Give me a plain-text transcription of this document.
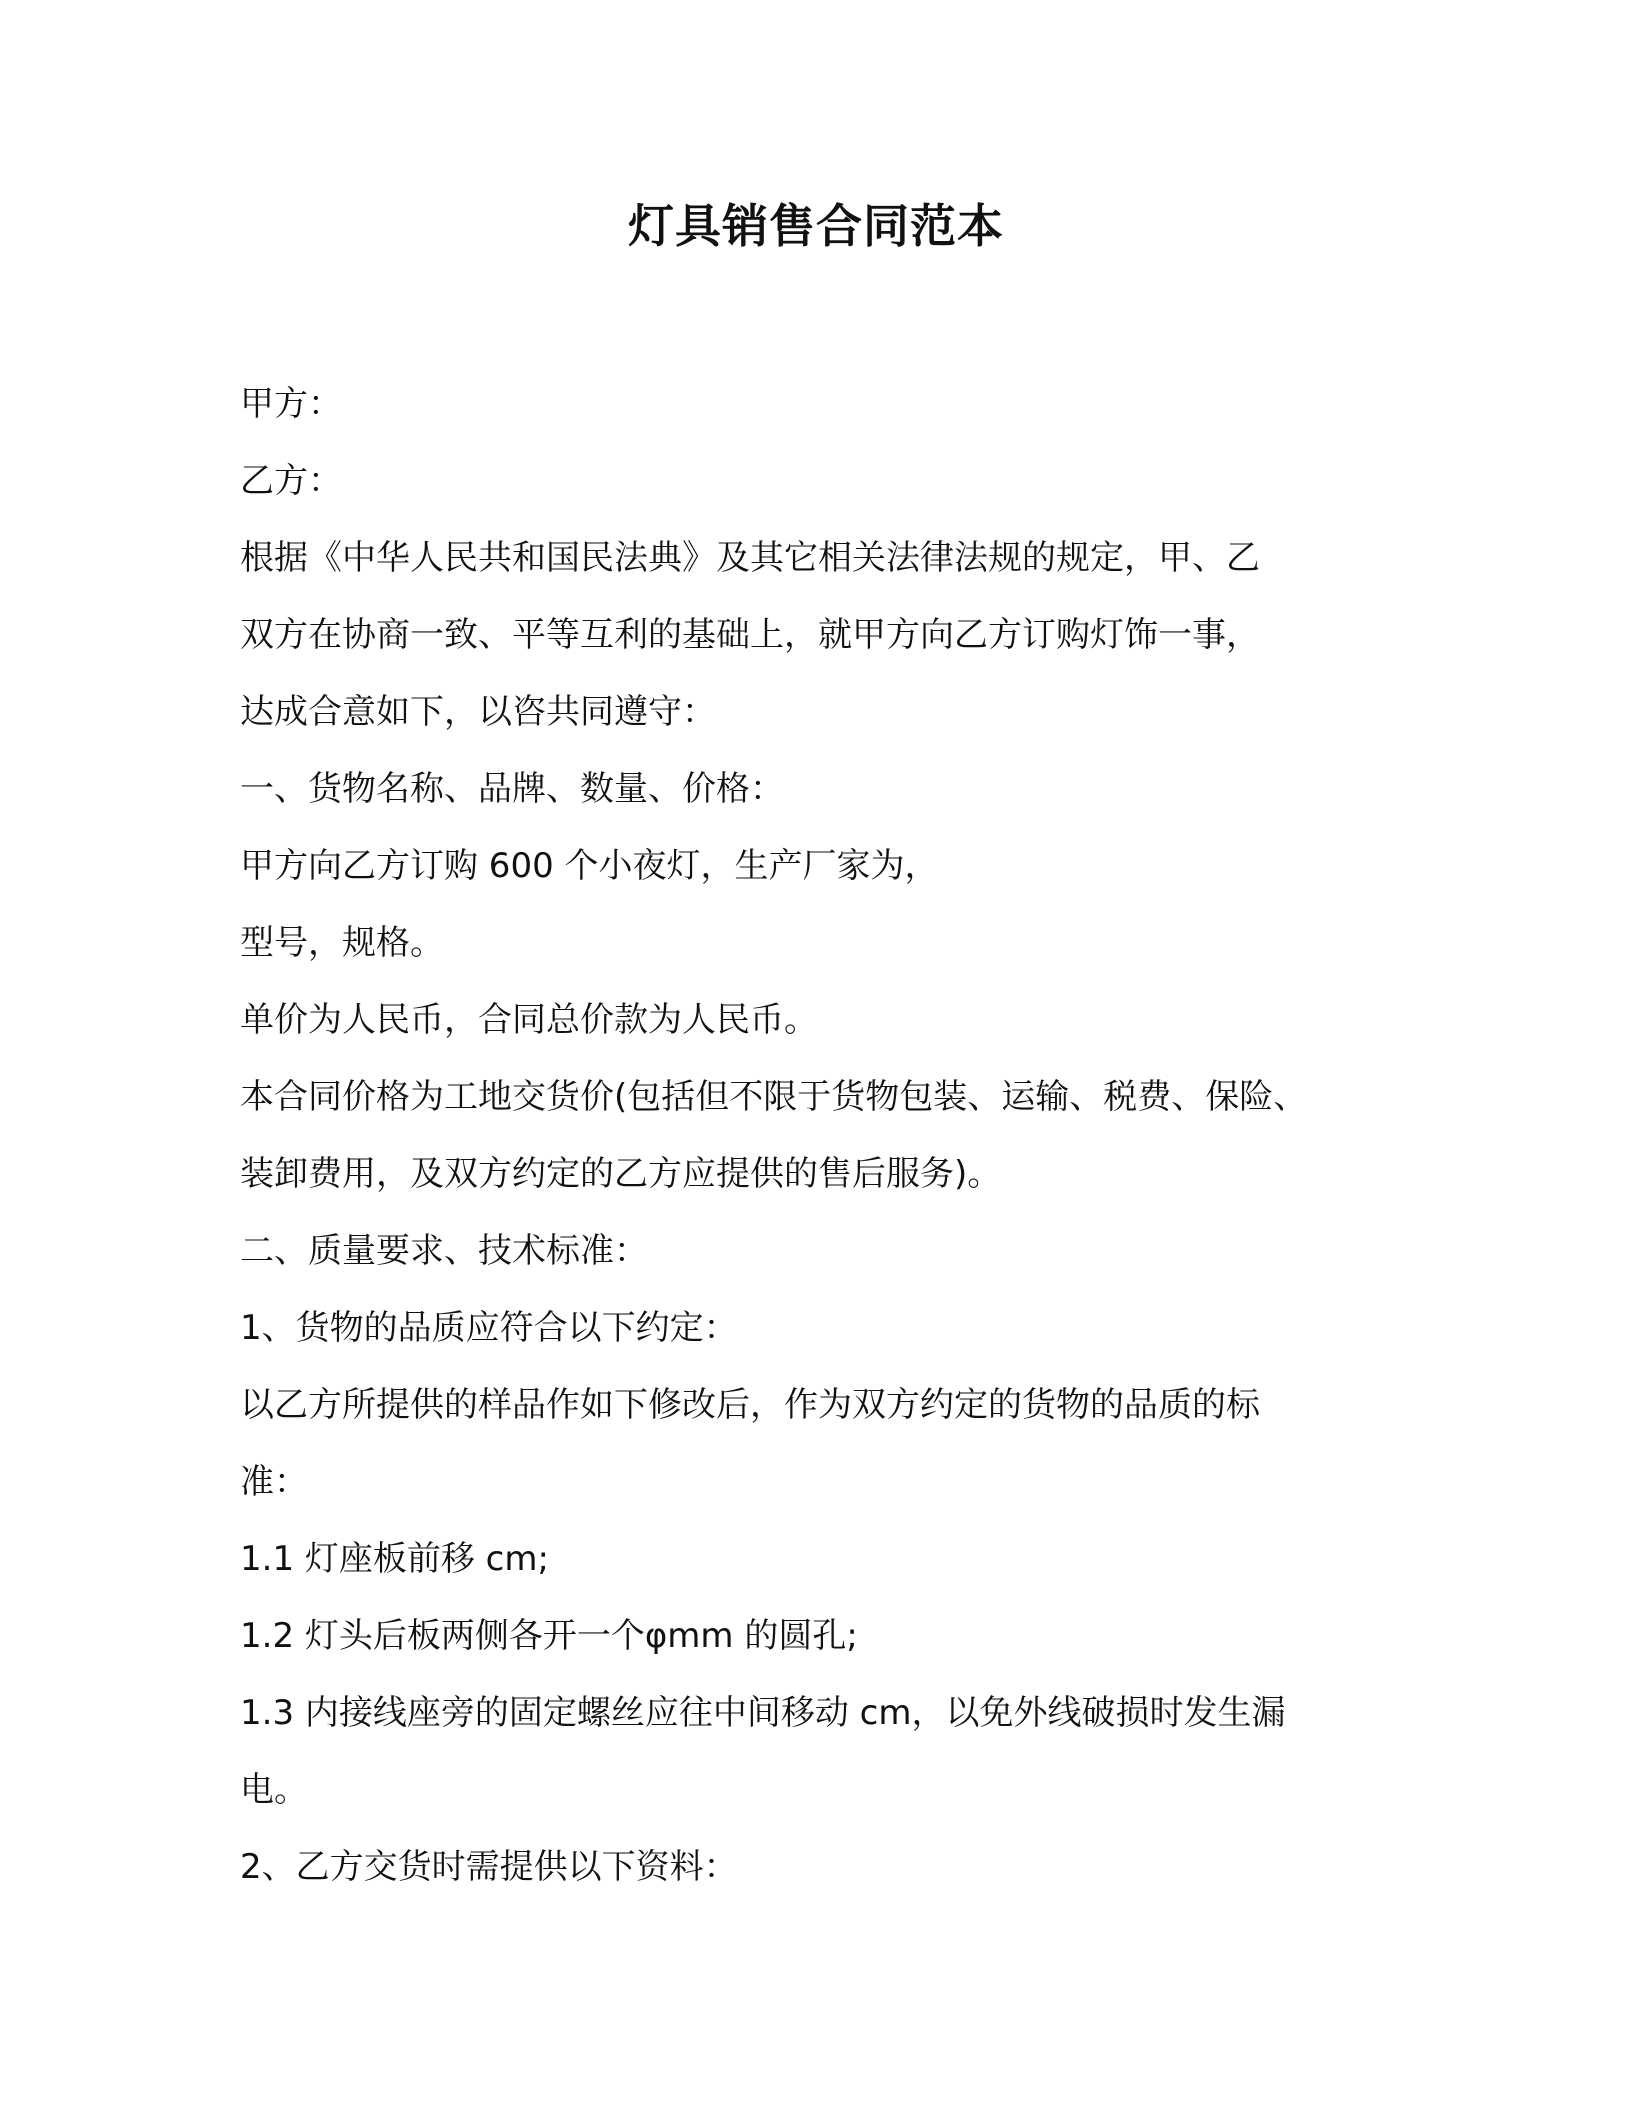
灯具销售合同范本

甲方：

乙方：

根据《中华人民共和国民法典》及其它相关法律法规的规定，甲、乙

双方在协商一致、平等互利的基础上，就甲方向乙方订购灯饰一事，

达成合意如下，以咨共同遵守：

一、货物名称、品牌、数量、价格：

甲方向乙方订购 600 个小夜灯，生产厂家为，

型号，规格。

单价为人民币，合同总价款为人民币。

本合同价格为工地交货价(包括但不限于货物包装、运输、税费、保险、

装卸费用，及双方约定的乙方应提供的售后服务)。

二、质量要求、技术标准：

1、货物的品质应符合以下约定：

以乙方所提供的样品作如下修改后，作为双方约定的货物的品质的标

准：

1.1 灯座板前移 cm;

1.2 灯头后板两侧各开一个φmm 的圆孔;

1.3 内接线座旁的固定螺丝应往中间移动 cm，以免外线破损时发生漏

电。

2、乙方交货时需提供以下资料：
